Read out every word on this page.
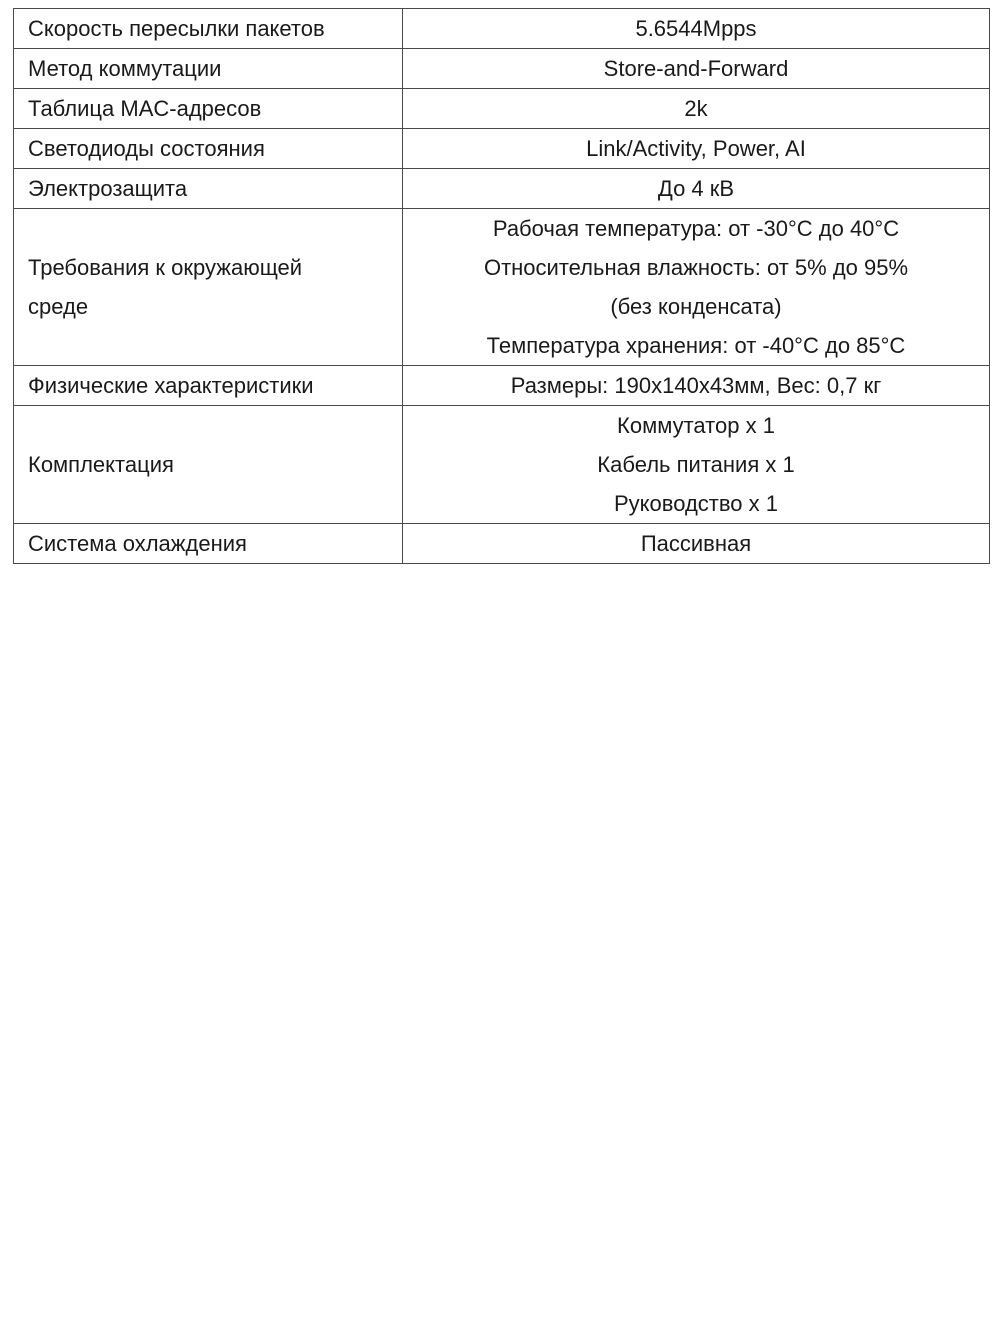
Скорость пересылки пакетов	5.6544Mpps

Метод коммутации	Store-and-Forward

Таблица MAC-адресов	2k

Светодиоды состояния	Link/Activity, Power, AI

Электрозащита	До 4 кВ

Требования к окружающей
среде	Рабочая температура: от -30°C до 40°C
Относительная влажность: от 5% до 95%
(без конденсата)
Температура хранения: от -40°C до 85°C

Физические характеристики	Размеры: 190x140x43мм, Вес: 0,7 кг

Комплектация	Коммутатор x 1
Кабель питания x 1
Руководство x 1

Система охлаждения	Пассивная
